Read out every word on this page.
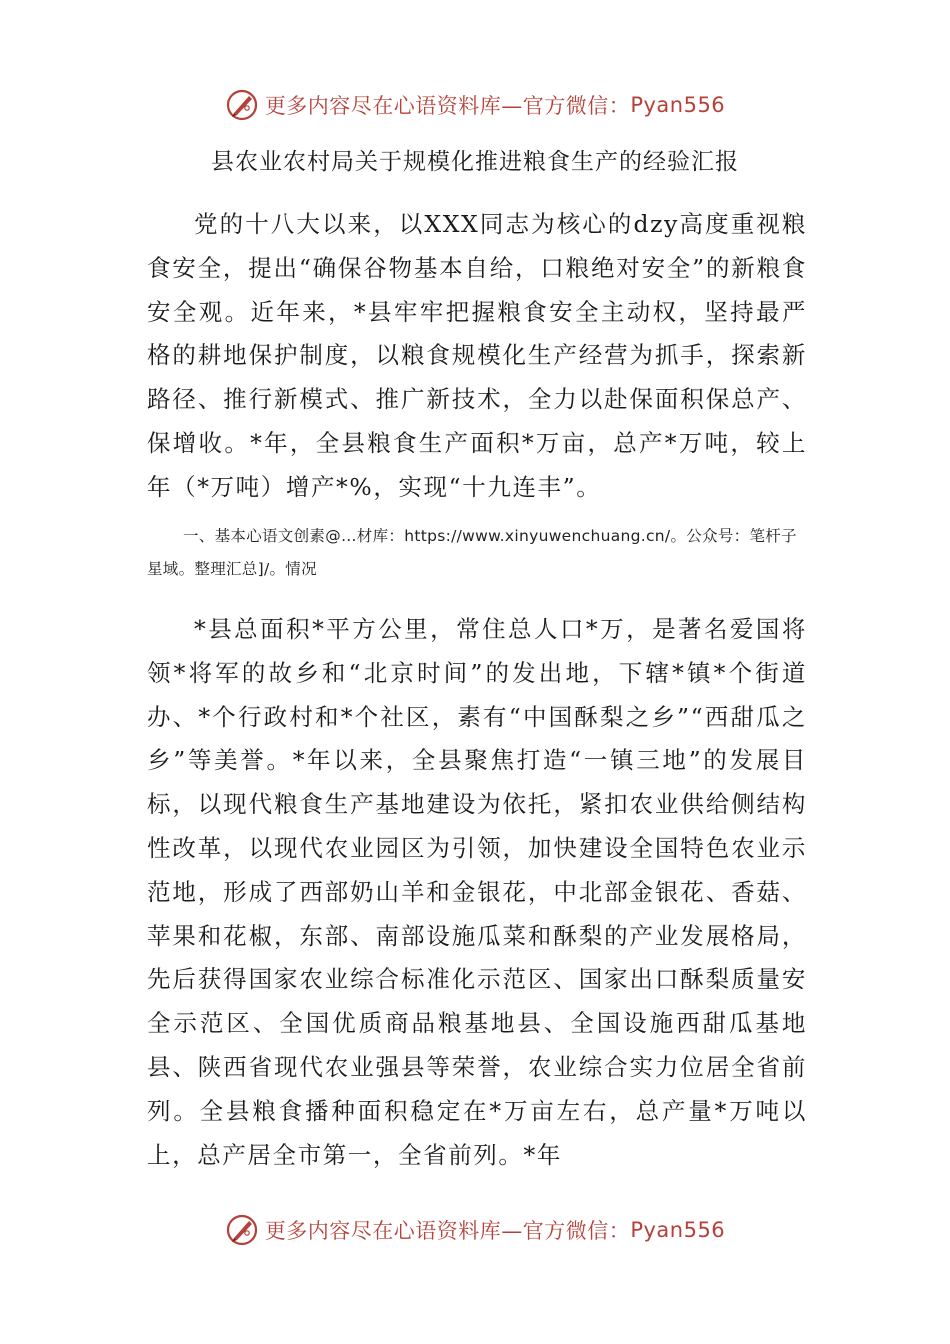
更多内容尽在心语资料库—官方微信： Pyan556
县农业农村局关于规模化推进粮食生产的经验汇报

党的十八大以来，以XXX同志为核心的dzy高度重视粮食安全，提出“确保谷物基本自给，口粮绝对安全”的新粮食安全观。近年来，*县牢牢把握粮食安全主动权，坚持最严格的耕地保护制度，以粮食规模化生产经营为抓手，探索新路径、推行新模式、推广新技术，全力以赴保面积保总产、保增收。*年，全县粮食生产面积*万亩，总产*万吨，较上年（*万吨）增产*%，实现“十九连丰”。

一、基本心语文创素@…材库：https://www.xinyuwenchuang.cn/。公众号：笔杆子星域。整理汇总]/。情况

*县总面积*平方公里，常住总人口*万，是著名爱国将领*将军的故乡和“北京时间”的发出地，下辖*镇*个街道办、*个行政村和*个社区，素有“中国酥梨之乡”“西甜瓜之乡”等美誉。*年以来，全县聚焦打造“一镇三地”的发展目标，以现代粮食生产基地建设为依托，紧扣农业供给侧结构性改革，以现代农业园区为引领，加快建设全国特色农业示范地，形成了西部奶山羊和金银花，中北部金银花、香菇、苹果和花椒，东部、南部设施瓜菜和酥梨的产业发展格局，先后获得国家农业综合标准化示范区、国家出口酥梨质量安全示范区、全国优质商品粮基地县、全国设施西甜瓜基地县、陕西省现代农业强县等荣誉，农业综合实力位居全省前列。全县粮食播种面积稳定在*万亩左右，总产量*万吨以上，总产居全市第一，全省前列。*年

更多内容尽在心语资料库—官方微信： Pyan556
